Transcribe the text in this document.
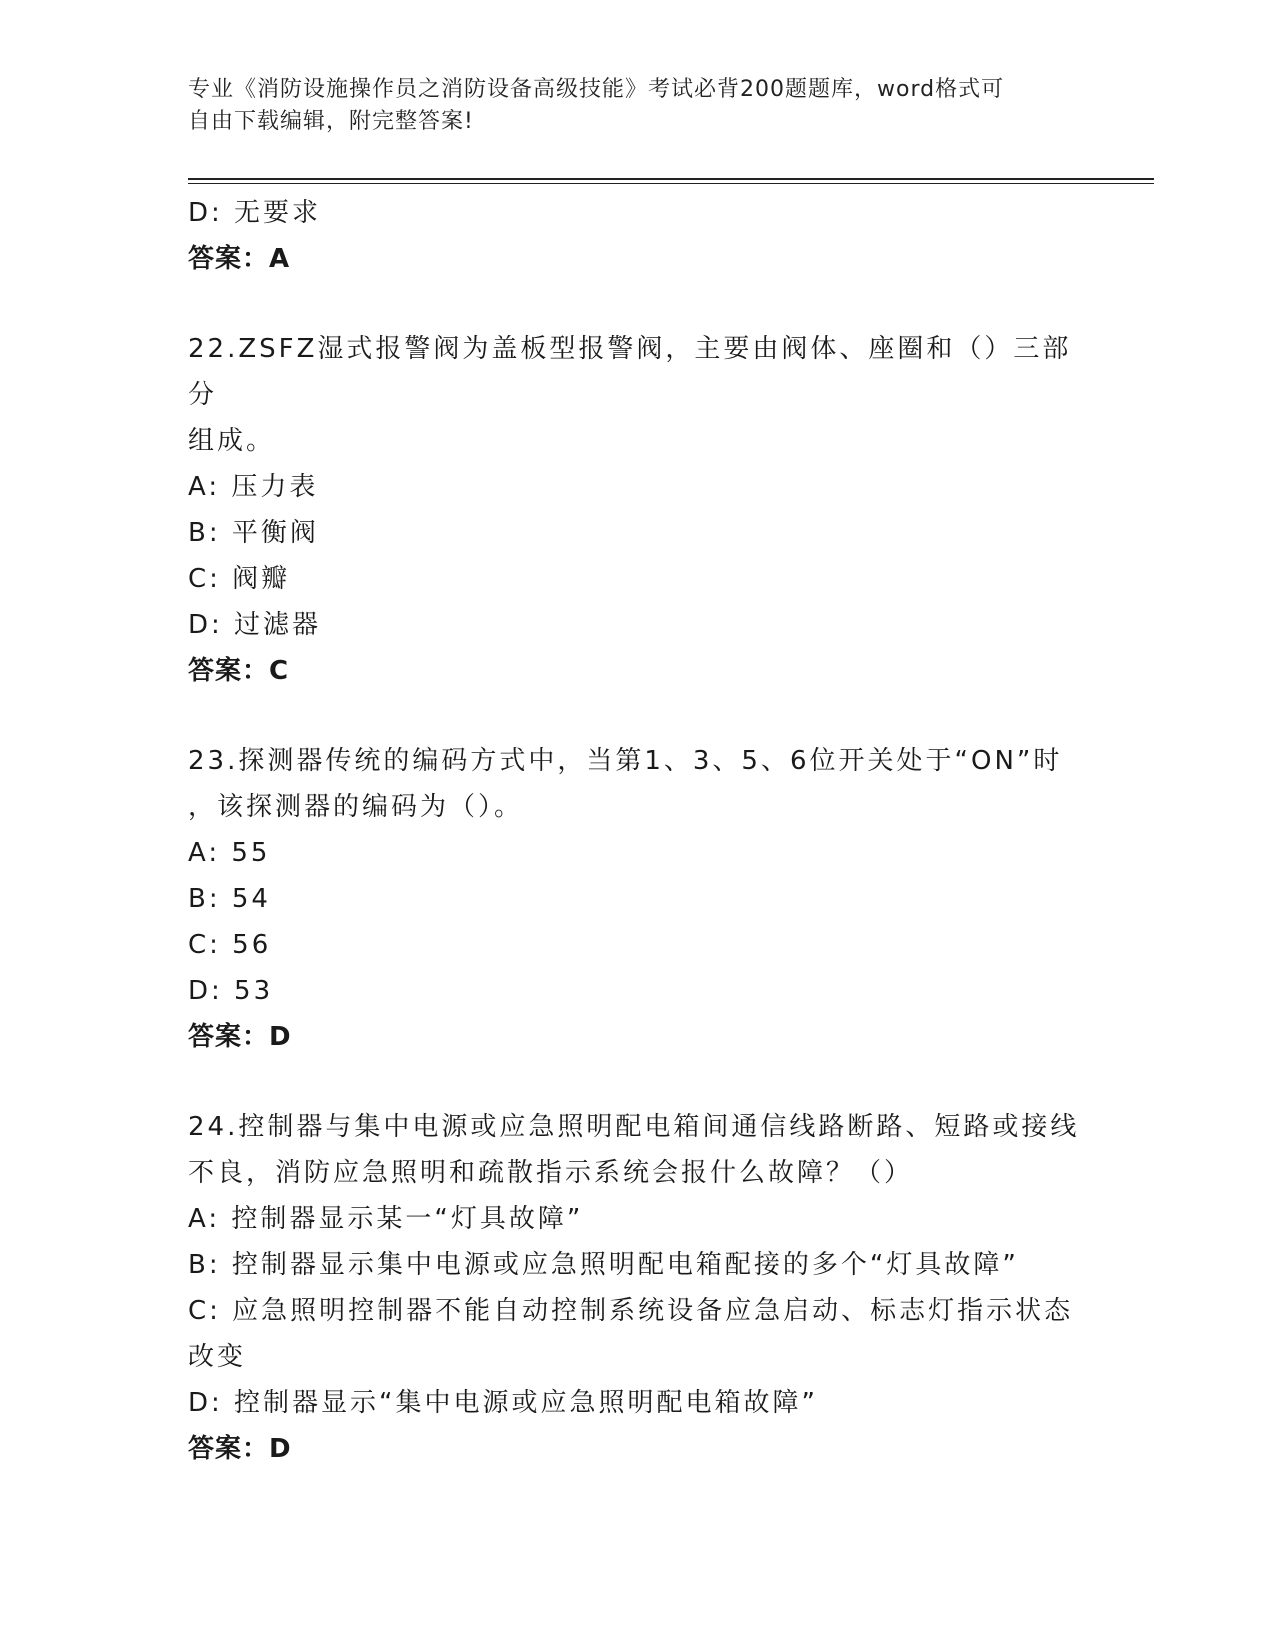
专业《消防设施操作员之消防设备高级技能》考试必背200题题库，word格式可
自由下载编辑，附完整答案!
D: 无要求
答案：A
22.ZSFZ湿式报警阀为盖板型报警阀，主要由阀体、座圈和（）三部分
组成。
A: 压力表
B: 平衡阀
C: 阀瓣
D: 过滤器
答案：C
23.探测器传统的编码方式中，当第1、3、5、6位开关处于“ON”时
，该探测器的编码为（）。
A: 55
B: 54
C: 56
D: 53
答案：D
24.控制器与集中电源或应急照明配电箱间通信线路断路、短路或接线
不良，消防应急照明和疏散指示系统会报什么故障？（）
A: 控制器显示某一“灯具故障”
B: 控制器显示集中电源或应急照明配电箱配接的多个“灯具故障”
C: 应急照明控制器不能自动控制系统设备应急启动、标志灯指示状态
改变
D: 控制器显示“集中电源或应急照明配电箱故障”
答案：D
